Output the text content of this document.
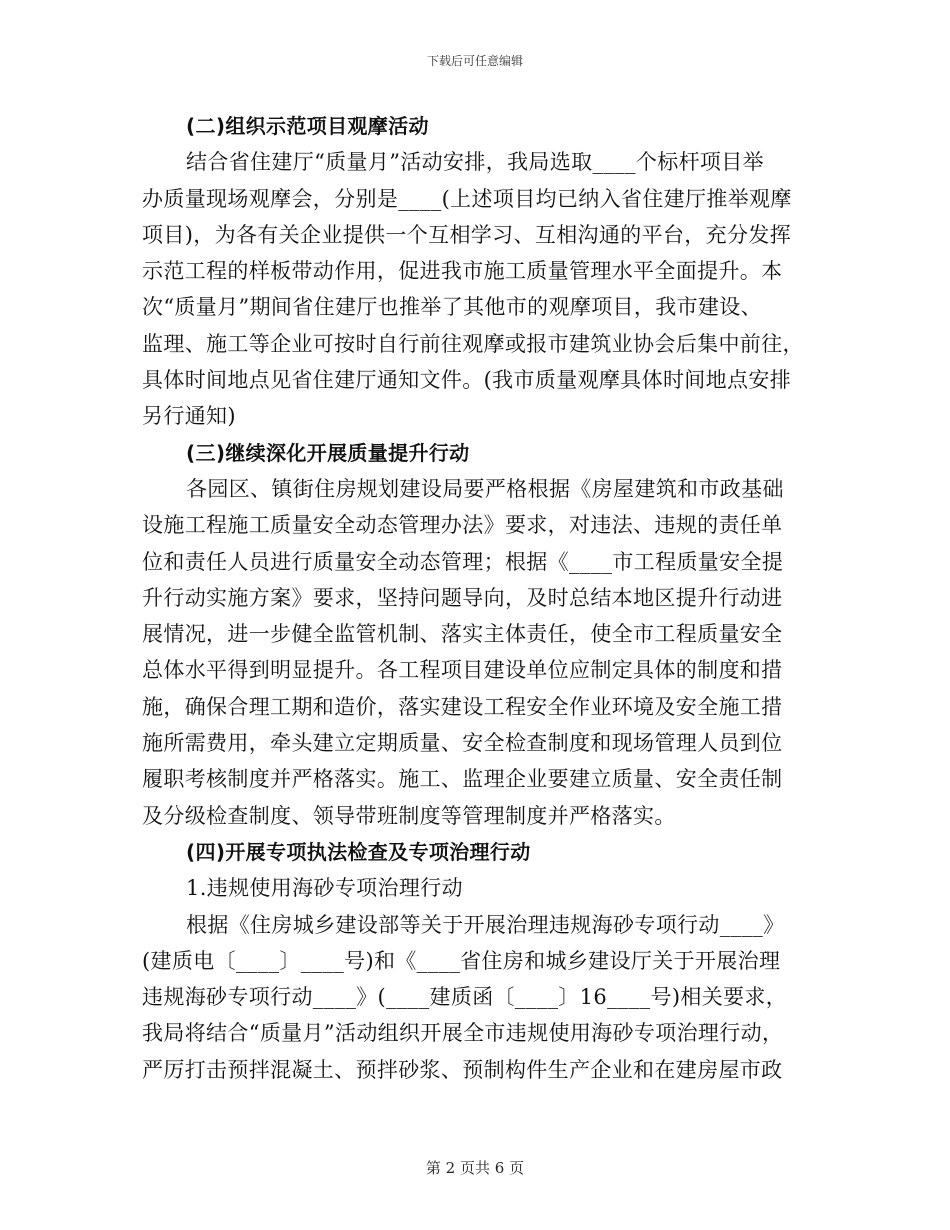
下载后可任意编辑
(二)组织示范项目观摩活动
结合省住建厅“质量月”活动安排，我局选取____个标杆项目举
办质量现场观摩会，分别是____(上述项目均已纳入省住建厅推举观摩
项目)，为各有关企业提供一个互相学习、互相沟通的平台，充分发挥
示范工程的样板带动作用，促进我市施工质量管理水平全面提升。本
次“质量月”期间省住建厅也推举了其他市的观摩项目，我市建设、
监理、施工等企业可按时自行前往观摩或报市建筑业协会后集中前往，
具体时间地点见省住建厅通知文件。(我市质量观摩具体时间地点安排
另行通知)
(三)继续深化开展质量提升行动
各园区、镇街住房规划建设局要严格根据《房屋建筑和市政基础
设施工程施工质量安全动态管理办法》要求，对违法、违规的责任单
位和责任人员进行质量安全动态管理；根据《____市工程质量安全提
升行动实施方案》要求，坚持问题导向，及时总结本地区提升行动进
展情况，进一步健全监管机制、落实主体责任，使全市工程质量安全
总体水平得到明显提升。各工程项目建设单位应制定具体的制度和措
施，确保合理工期和造价，落实建设工程安全作业环境及安全施工措
施所需费用，牵头建立定期质量、安全检查制度和现场管理人员到位
履职考核制度并严格落实。施工、监理企业要建立质量、安全责任制
及分级检查制度、领导带班制度等管理制度并严格落实。
(四)开展专项执法检查及专项治理行动
1.违规使用海砂专项治理行动
根据《住房城乡建设部等关于开展治理违规海砂专项行动____》
(建质电〔____〕____号)和《____省住房和城乡建设厅关于开展治理
违规海砂专项行动____》(____建质函〔____〕16____号)相关要求，
我局将结合“质量月”活动组织开展全市违规使用海砂专项治理行动，
严厉打击预拌混凝土、预拌砂浆、预制构件生产企业和在建房屋市政
第 2 页共 6 页
